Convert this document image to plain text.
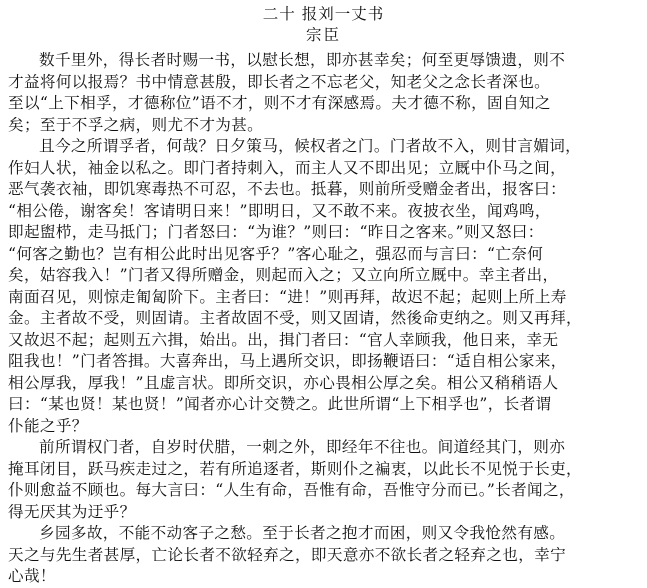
二十 报刘一丈书
宗臣
数千里外，得长者时赐一书，以慰长想，即亦甚幸矣；何至更辱馈遗，则不
才益将何以报焉？书中情意甚殷，即长者之不忘老父，知老父之念长者深也。
至以“上下相孚，才德称位”语不才，则不才有深感焉。夫才德不称，固自知之
矣；至于不孚之病，则尤不才为甚。
且今之所谓孚者，何哉？日夕策马，候权者之门。门者故不入，则甘言媚词，
作妇人状，袖金以私之。即门者持刺入，而主人又不即出见；立厩中仆马之间，
恶气袭衣袖，即饥寒毒热不可忍，不去也。抵暮，则前所受赠金者出，报客曰：
“相公倦，谢客矣！客请明日来！”即明日，又不敢不来。夜披衣坐，闻鸡鸣，
即起盥栉，走马抵门；门者怒曰：“为谁？”则曰：“昨日之客来。”则又怒曰：
“何客之勤也？岂有相公此时出见客乎？”客心耻之，强忍而与言曰：“亡奈何
矣，姑容我入！”门者又得所赠金，则起而入之；又立向所立厩中。幸主者出，
南面召见，则惊走匍匐阶下。主者曰：“进！”则再拜，故迟不起；起则上所上寿
金。主者故不受，则固请。主者故固不受，则又固请，然後命吏纳之。则又再拜，
又故迟不起；起则五六揖，始出。出，揖门者曰：“官人幸顾我，他日来，幸无
阻我也！”门者答揖。大喜奔出，马上遇所交识，即扬鞭语曰：“适自相公家来，
相公厚我，厚我！”且虚言状。即所交识，亦心畏相公厚之矣。相公又稍稍语人
曰：“某也贤！某也贤！”闻者亦心计交赞之。此世所谓“上下相孚也”，长者谓
仆能之乎？
前所谓权门者，自岁时伏腊，一刺之外，即经年不往也。间道经其门，则亦
掩耳闭目，跃马疾走过之，若有所追逐者，斯则仆之褊衷，以此长不见悦于长吏，
仆则愈益不顾也。每大言曰：“人生有命，吾惟有命，吾惟守分而已。”长者闻之，
得无厌其为迂乎？
乡园多故，不能不动客子之愁。至于长者之抱才而困，则又令我怆然有感。
天之与先生者甚厚，亡论长者不欲轻弃之，即天意亦不欲长者之轻弃之也，幸宁
心哉！
